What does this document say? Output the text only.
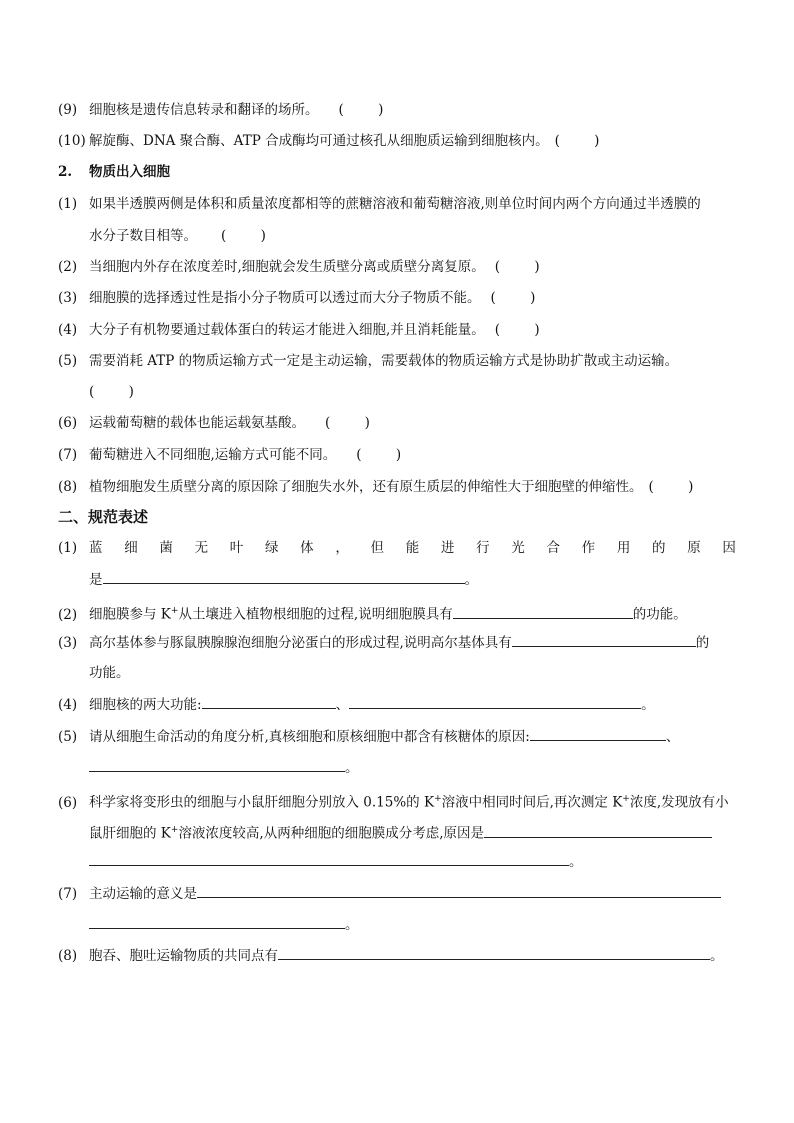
(9) 细胞核是遗传信息转录和翻译的场所。 (        )
(10) 解旋酶、DNA 聚合酶、ATP 合成酶均可通过核孔从细胞质运输到细胞核内。 (        )
2. 物质出入细胞
(1) 如果半透膜两侧是体积和质量浓度都相等的蔗糖溶液和葡萄糖溶液,则单位时间内两个方向通过半透膜的
水分子数目相等。 (        )
(2) 当细胞内外存在浓度差时,细胞就会发生质壁分离或质壁分离复原。 (        )
(3) 细胞膜的选择透过性是指小分子物质可以透过而大分子物质不能。 (        )
(4) 大分子有机物要通过载体蛋白的转运才能进入细胞,并且消耗能量。 (        )
(5) 需要消耗 ATP 的物质运输方式一定是主动运输，需要载体的物质运输方式是协助扩散或主动运输。
(        )
(6) 运载葡萄糖的载体也能运载氨基酸。 (        )
(7) 葡萄糖进入不同细胞,运输方式可能不同。 (        )
(8) 植物细胞发生质壁分离的原因除了细胞失水外，还有原生质层的伸缩性大于细胞壁的伸缩性。 (        )
二、规范表述
(1) 蓝 细 菌 无 叶 绿 体 ， 但 能 进 行 光 合 作 用 的 原 因
是	。
(2) 细胞膜参与 K+从土壤进入植物根细胞的过程,说明细胞膜具有	的功能。
(3) 高尔基体参与豚鼠胰腺腺泡细胞分泌蛋白的形成过程,说明高尔基体具有	的
功能。
(4) 细胞核的两大功能:	、	。
(5) 请从细胞生命活动的角度分析,真核细胞和原核细胞中都含有核糖体的原因:	、
。
(6) 科学家将变形虫的细胞与小鼠肝细胞分别放入 0.15%的 K+溶液中相同时间后,再次测定 K+浓度,发现放有小
鼠肝细胞的 K+溶液浓度较高,从两种细胞的细胞膜成分考虑,原因是
。
(7) 主动运输的意义是
。
(8) 胞吞、胞吐运输物质的共同点有	。
